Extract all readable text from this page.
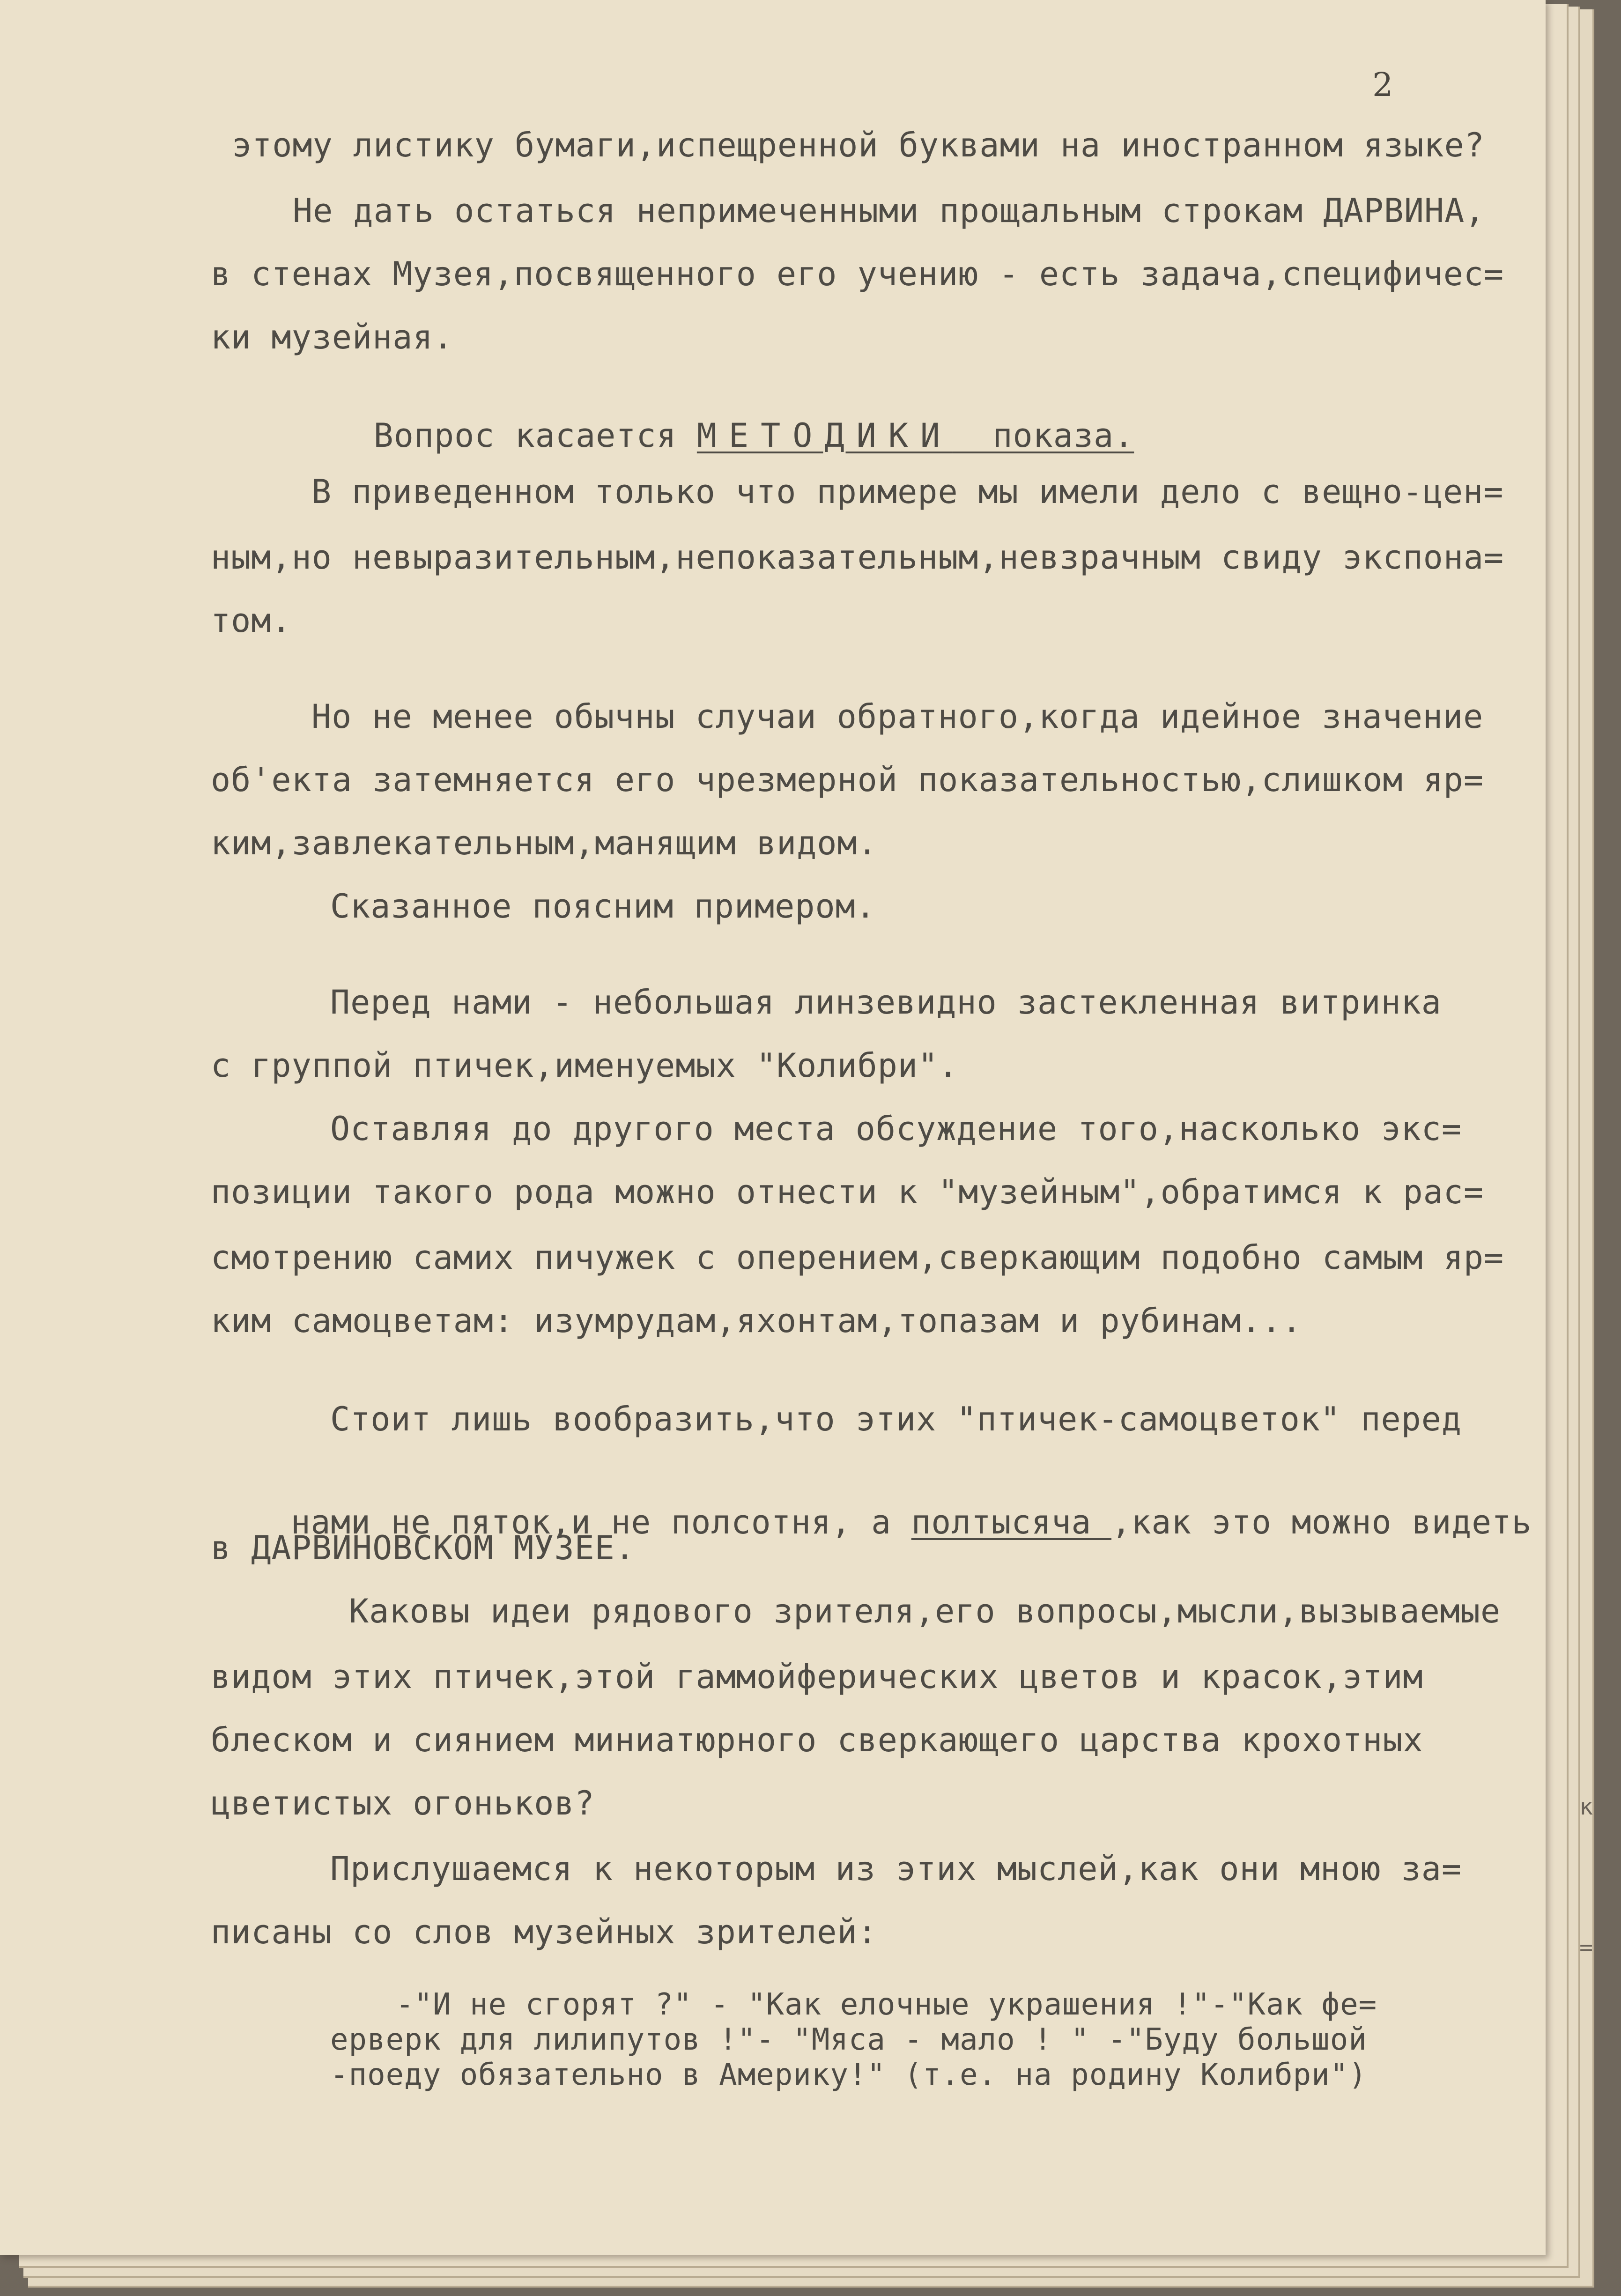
к
=
2
этому листику бумаги,испещренной буквами на иностранном языке?
Не дать остаться непримеченными прощальным строкам ДАРВИНА,
в стенах Музея,посвященного его учению - есть задача,специфичес=
ки музейная.

Вопрос касается МЕТОДИКИ  показа.

В приведенном только что примере мы имели дело с вещно-цен=
ным,но невыразительным,непоказательным,невзрачным свиду экспона=
том.
Но не менее обычны случаи обратного,когда идейное значение
об'екта затемняется его чрезмерной показательностью,слишком яр=
ким,завлекательным,манящим видом.
Сказанное поясним примером.
Перед нами - небольшая линзевидно застекленная витринка
с группой птичек,именуемых "Колибри".
Оставляя до другого места обсуждение того,насколько экс=
позиции такого рода можно отнести к "музейным",обратимся к рас=
смотрению самих пичужек с оперением,сверкающим подобно самым яр=
ким самоцветам: изумрудам,яхонтам,топазам и рубинам...
Стоит лишь вообразить,что этих "птичек-самоцветок" перед

нами не пяток,и не полсотня, а полтысяча ,как это можно видеть

в ДАРВИНОВСКОМ МУЗЕЕ.
Каковы идеи рядового зрителя,его вопросы,мысли,вызываемые
видом этих птичек,этой гаммойферических цветов и красок,этим
блеском и сиянием миниатюрного сверкающего царства крохотных
цветистых огоньков?
Прислушаемся к некоторым из этих мыслей,как они мною за=
писаны со слов музейных зрителей:
-"И не сгорят ?" - "Как елочные украшения !"-"Как фе=
ерверк для лилипутов !"- "Мяса - мало ! " -"Буду большой
-поеду обязательно в Америку!" (т.е. на родину Колибри")
